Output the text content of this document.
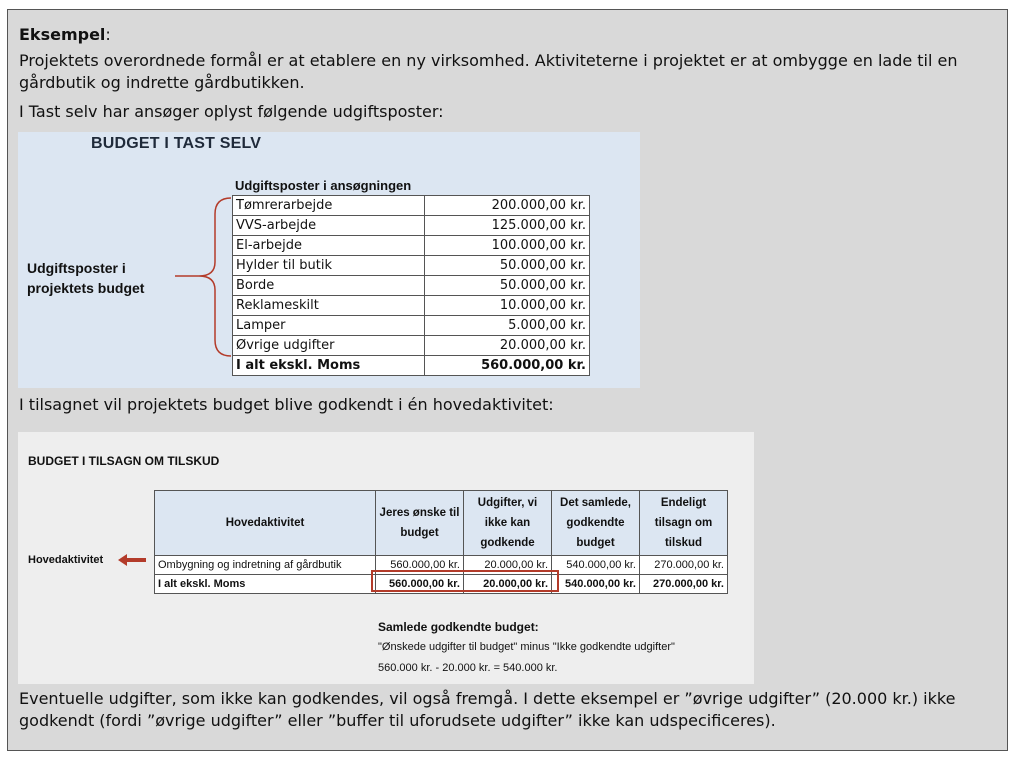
Eksempel:
Projektets overordnede formål er at etablere en ny virksomhed. Aktiviteterne i projektet er at ombygge en lade til en gårdbutik og indrette gårdbutikken.
I Tast selv har ansøger oplyst følgende udgiftsposter:
BUDGET I TAST SELV
Udgiftsposter i ansøgningen
Udgiftsposter i
projektets budget
Tømrerarbejde	200.000,00 kr.
VVS-arbejde	125.000,00 kr.
El-arbejde	100.000,00 kr.
Hylder til butik	50.000,00 kr.
Borde	50.000,00 kr.
Reklameskilt	10.000,00 kr.
Lamper	5.000,00 kr.
Øvrige udgifter	20.000,00 kr.
I alt ekskl. Moms	560.000,00 kr.
I tilsagnet vil projektets budget blive godkendt i én hovedaktivitet:
BUDGET I TILSAGN OM TILSKUD
Hovedaktivitet
Hovedaktivitet	Jeres ønske til budget	Udgifter, vi ikke kan godkende	Det samlede, godkendte budget	Endeligt tilsagn om tilskud
Ombygning og indretning af gårdbutik	560.000,00 kr.	20.000,00 kr.	540.000,00 kr.	270.000,00 kr.
I alt ekskl. Moms	560.000,00 kr.	20.000,00 kr.	540.000,00 kr.	270.000,00 kr.
Samlede godkendte budget:
"Ønskede udgifter til budget" minus "Ikke godkendte udgifter"
560.000 kr. - 20.000 kr. = 540.000 kr.
Eventuelle udgifter, som ikke kan godkendes, vil også fremgå. I dette eksempel er ”øvrige udgifter” (20.000 kr.) ikke godkendt (fordi ”øvrige udgifter” eller ”buffer til uforudsete udgifter” ikke kan udspecificeres).
